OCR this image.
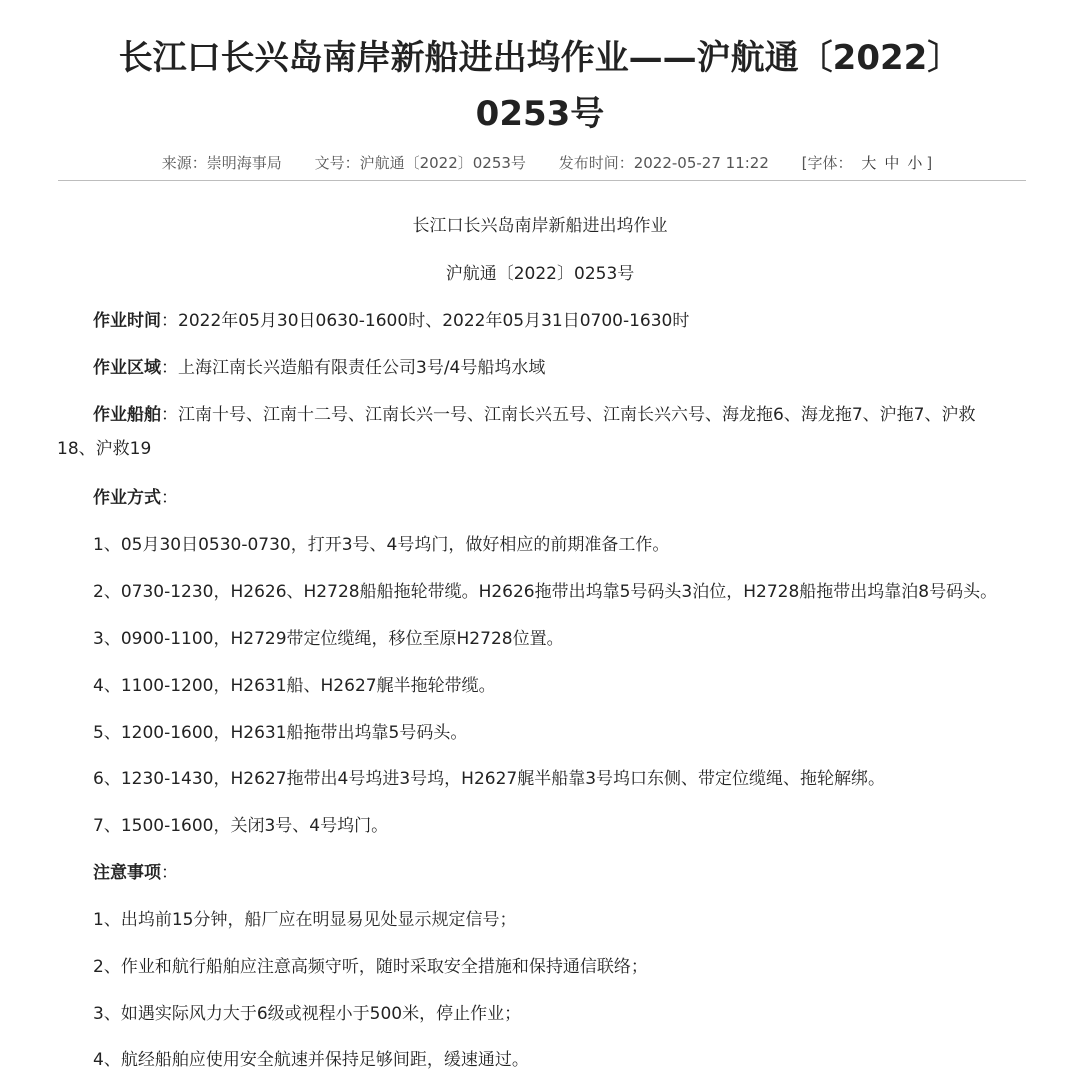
长江口长兴岛南岸新船进出坞作业——沪航通〔2022〕
0253号
来源：崇明海事局 文号：沪航通〔2022〕0253号 发布时间：2022-05-27 11:22 [字体： 大 中 小 ]
长江口长兴岛南岸新船进出坞作业
沪航通〔2022〕0253号
作业时间：2022年05月30日0630-1600时、2022年05月31日0700-1630时
作业区域：上海江南长兴造船有限责任公司3号/4号船坞水域
作业船舶：江南十号、江南十二号、江南长兴一号、江南长兴五号、江南长兴六号、海龙拖6、海龙拖7、沪拖7、沪救
18、沪救19
作业方式：
1、05月30日0530-0730，打开3号、4号坞门，做好相应的前期准备工作。
2、0730-1230，H2626、H2728船船拖轮带缆。H2626拖带出坞靠5号码头3泊位，H2728船拖带出坞靠泊8号码头。
3、0900-1100，H2729带定位缆绳，移位至原H2728位置。
4、1100-1200，H2631船、H2627艉半拖轮带缆。
5、1200-1600，H2631船拖带出坞靠5号码头。
6、1230-1430，H2627拖带出4号坞进3号坞，H2627艉半船靠3号坞口东侧、带定位缆绳、拖轮解绑。
7、1500-1600，关闭3号、4号坞门。
注意事项：
1、出坞前15分钟，船厂应在明显易见处显示规定信号；
2、作业和航行船舶应注意高频守听，随时采取安全措施和保持通信联络；
3、如遇实际风力大于6级或视程小于500米，停止作业；
4、航经船舶应使用安全航速并保持足够间距，缓速通过。
